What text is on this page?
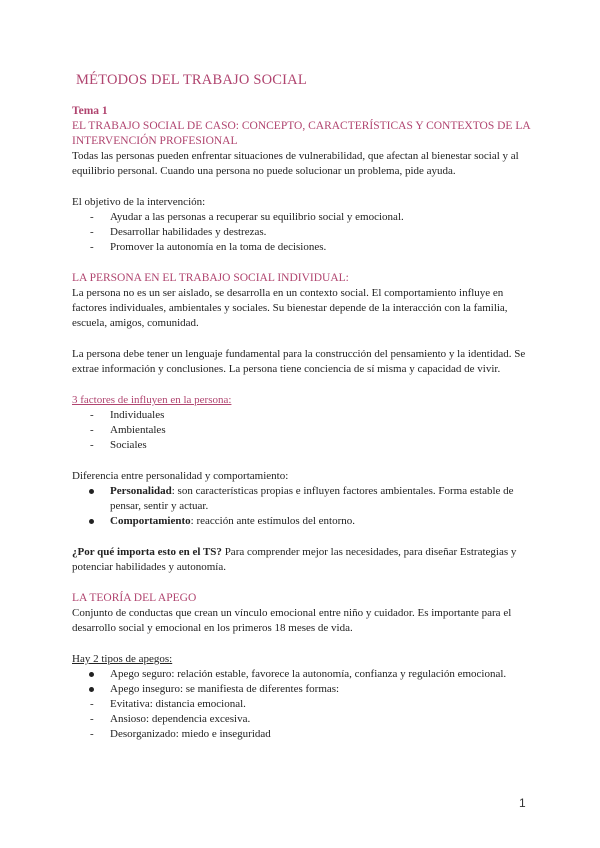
MÉTODOS DEL TRABAJO SOCIAL

Tema 1

EL TRABAJO SOCIAL DE CASO: CONCEPTO, CARACTERÍSTICAS Y CONTEXTOS DE LA INTERVENCIÓN PROFESIONAL

Todas las personas pueden enfrentar situaciones de vulnerabilidad, que afectan al bienestar social y al equilibrio personal. Cuando una persona no puede solucionar un problema, pide ayuda.

El objetivo de la intervención:

- Ayudar a las personas a recuperar su equilibrio social y emocional.
- Desarrollar habilidades y destrezas.
- Promover la autonomía en la toma de decisiones.

LA PERSONA EN EL TRABAJO SOCIAL INDIVIDUAL:

La persona no es un ser aislado, se desarrolla en un contexto social. El comportamiento influye en factores individuales, ambientales y sociales. Su bienestar depende de la interacción con la familia, escuela, amigos, comunidad.

La persona debe tener un lenguaje fundamental para la construcción del pensamiento y la identidad. Se extrae información y conclusiones. La persona tiene conciencia de sí misma y capacidad de vivir.

3 factores de influyen en la persona:

- Individuales
- Ambientales
- Sociales

Diferencia entre personalidad y comportamiento:

Personalidad: son características propias e influyen factores ambientales. Forma estable de pensar, sentir y actuar.
Comportamiento: reacción ante estímulos del entorno.

¿Por qué importa esto en el TS? Para comprender mejor las necesidades, para diseñar Estrategias y potenciar habilidades y autonomía.

LA TEORÍA DEL APEGO

Conjunto de conductas que crean un vínculo emocional entre niño y cuidador. Es importante para el desarrollo social y emocional en los primeros 18 meses de vida.

Hay 2 tipos de apegos:

Apego seguro: relación estable, favorece la autonomía, confianza y regulación emocional.
Apego inseguro: se manifiesta de diferentes formas:
- Evitativa: distancia emocional.
- Ansioso: dependencia excesiva.
- Desorganizado: miedo e inseguridad
1
